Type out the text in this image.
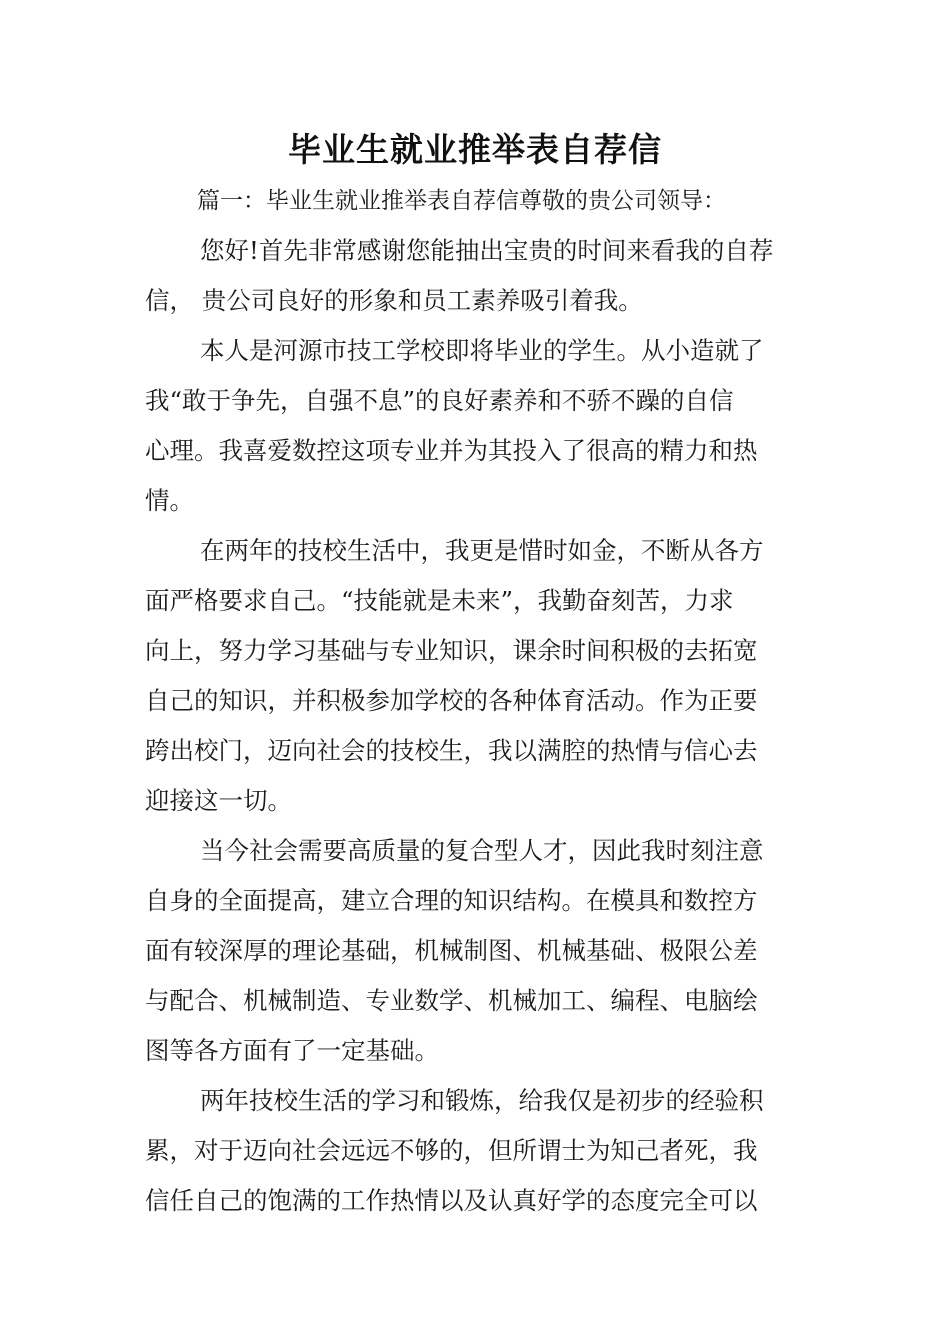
毕业生就业推举表自荐信
篇一：毕业生就业推举表自荐信尊敬的贵公司领导：
您好!首先非常感谢您能抽出宝贵的时间来看我的自荐
信， 贵公司良好的形象和员工素养吸引着我。
本人是河源市技工学校即将毕业的学生。从小造就了
我“敢于争先，自强不息”的良好素养和不骄不躁的自信
心理。我喜爱数控这项专业并为其投入了很高的精力和热
情。
在两年的技校生活中，我更是惜时如金，不断从各方
面严格要求自己。“技能就是未来”，我勤奋刻苦，力求
向上，努力学习基础与专业知识，课余时间积极的去拓宽
自己的知识，并积极参加学校的各种体育活动。作为正要
跨出校门，迈向社会的技校生，我以满腔的热情与信心去
迎接这一切。
当今社会需要高质量的复合型人才，因此我时刻注意
自身的全面提高，建立合理的知识结构。在模具和数控方
面有较深厚的理论基础，机械制图、机械基础、极限公差
与配合、机械制造、专业数学、机械加工、编程、电脑绘
图等各方面有了一定基础。
两年技校生活的学习和锻炼，给我仅是初步的经验积
累，对于迈向社会远远不够的，但所谓士为知己者死，我
信任自己的饱满的工作热情以及认真好学的态度完全可以
